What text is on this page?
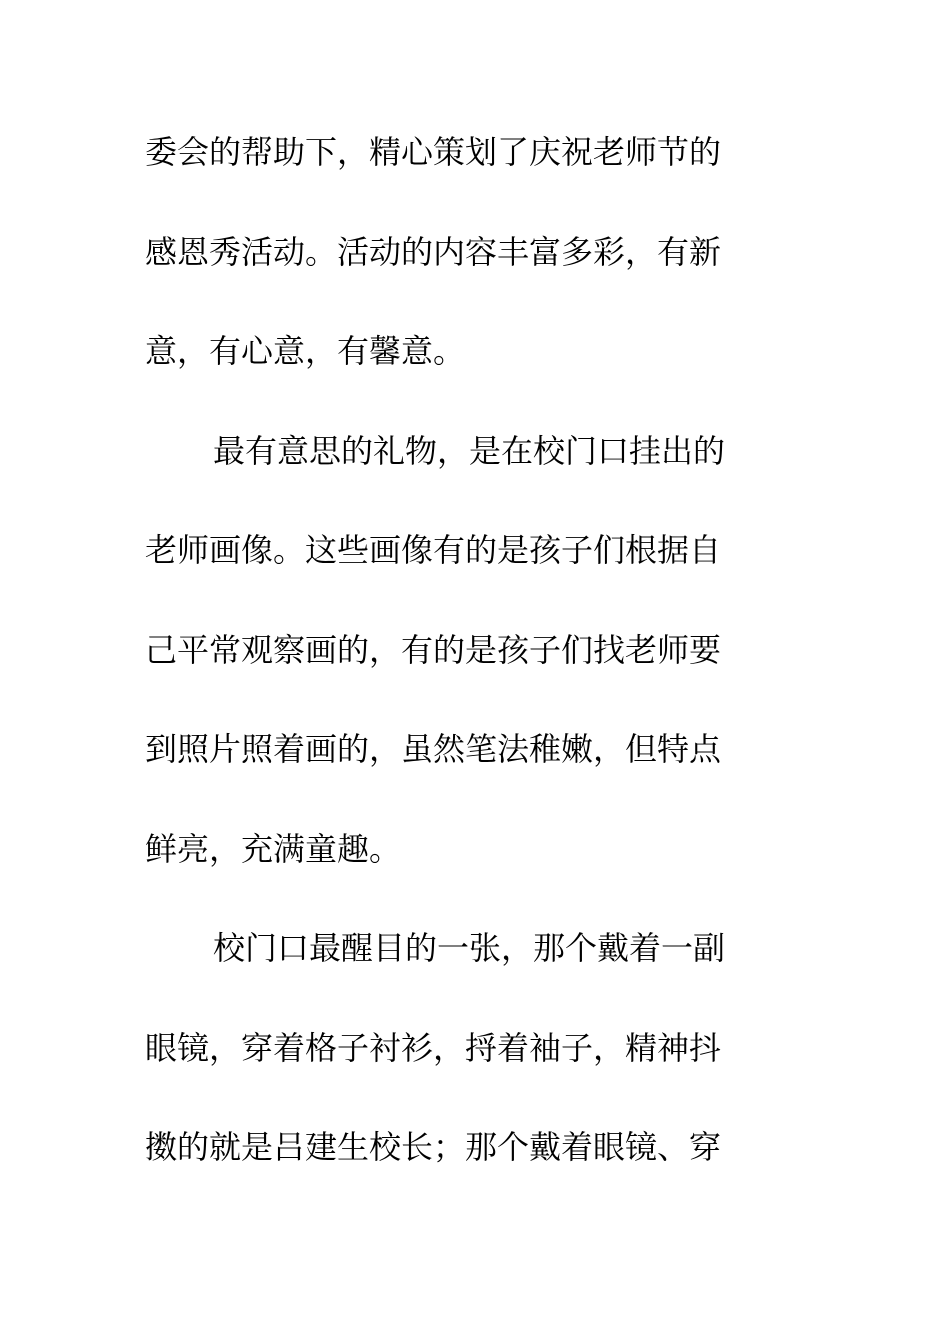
委会的帮助下，精心策划了庆祝老师节的
感恩秀活动。活动的内容丰富多彩，有新
意，有心意，有馨意。
最有意思的礼物，是在校门口挂出的
老师画像。这些画像有的是孩子们根据自
己平常观察画的，有的是孩子们找老师要
到照片照着画的，虽然笔法稚嫩，但特点
鲜亮，充满童趣。
校门口最醒目的一张，那个戴着一副
眼镜，穿着格子衬衫，捋着袖子，精神抖
擞的就是吕建生校长；那个戴着眼镜、穿
